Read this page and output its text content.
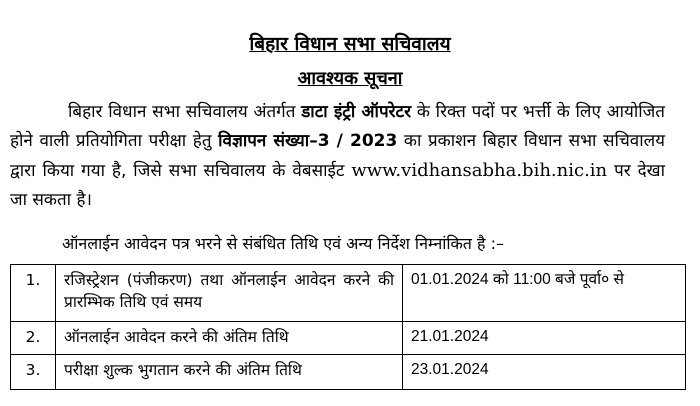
बिहार विधान सभा सचिवालय
आवश्यक सूचना
बिहार विधान सभा सचिवालय अंतर्गत डाटा इंट्री ऑपरेटर के रिक्त पदों पर भर्त्ती के लिए आयोजित होने वाली प्रतियोगिता परीक्षा हेतु विज्ञापन संख्या–3 / 2023 का प्रकाशन बिहार विधान सभा सचिवालय द्वारा किया गया है, जिसे सभा सचिवालय के वेबसाईट www.vidhansabha.bih.nic.in पर देखा जा सकता है।
ऑनलाईन आवेदन पत्र भरने से संबंधित तिथि एवं अन्य निर्देश निम्नांकित है :–
1.	रजिस्ट्रेशन (पंजीकरण) तथा ऑनलाईन आवेदन करने की प्रारम्भिक तिथि एवं समय	01.01.2024 को 11:00 बजे पूर्वा० से
2.	ऑनलाईन आवेदन करने की अंतिम तिथि	21.01.2024
3.	परीक्षा शुल्क भुगतान करने की अंतिम तिथि	23.01.2024
